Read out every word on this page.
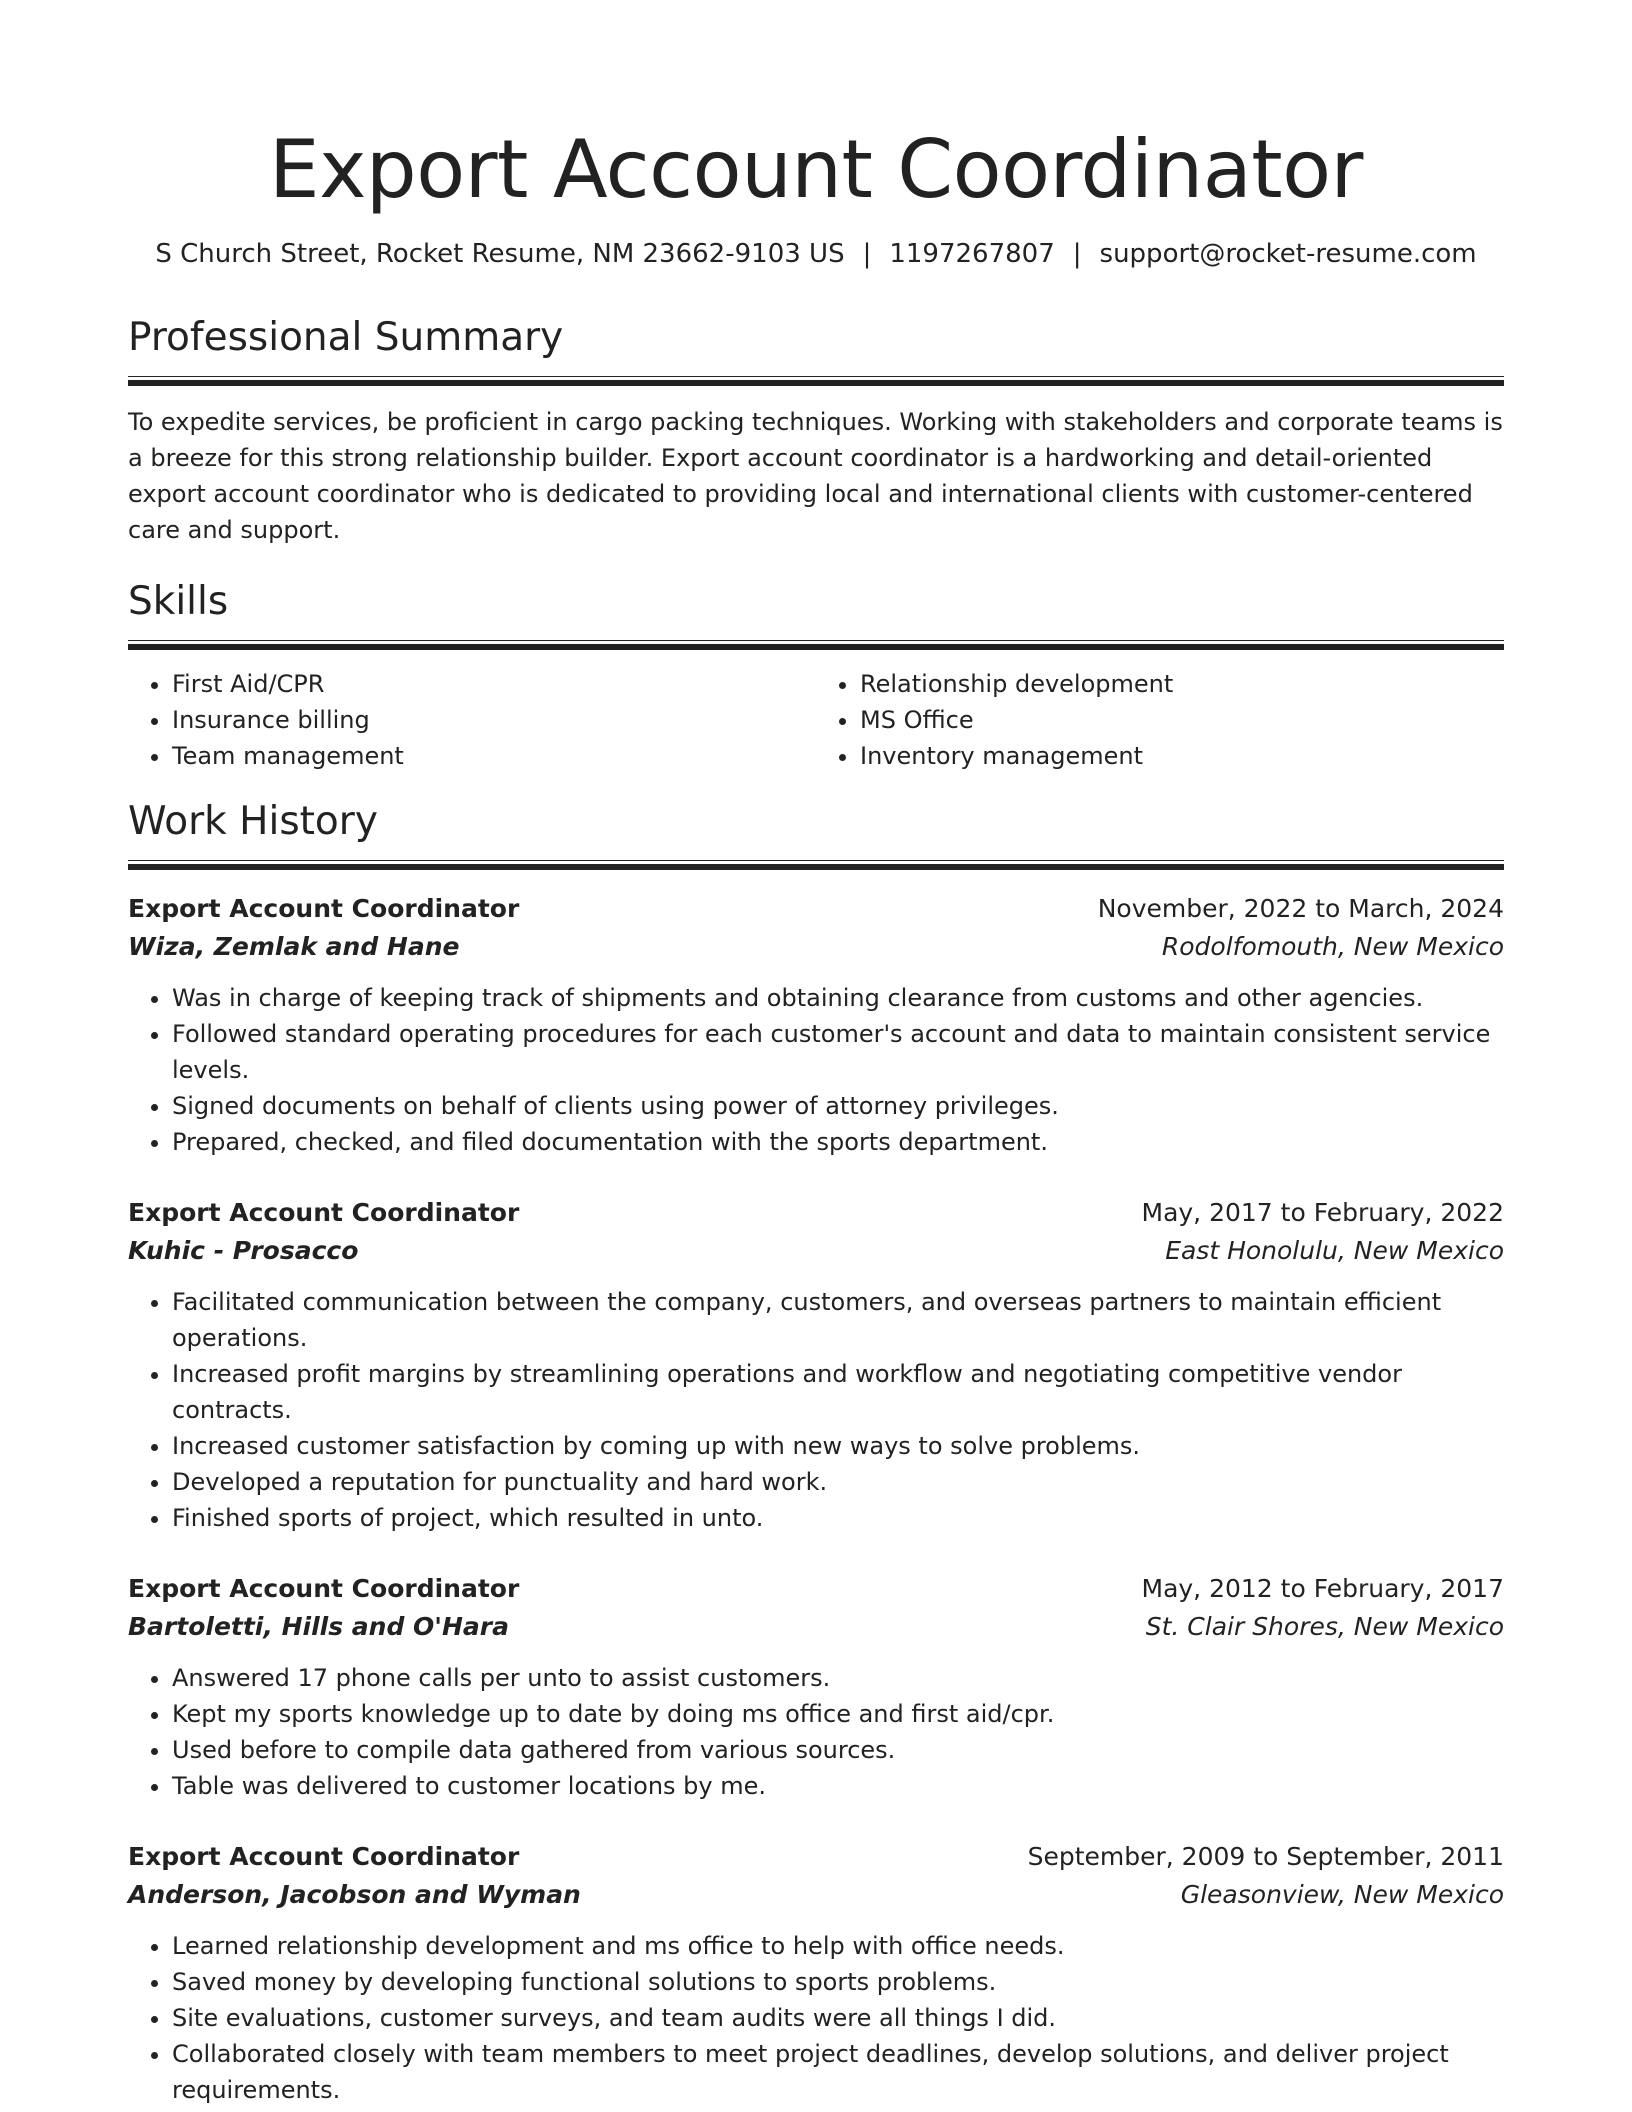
Export Account Coordinator
S Church Street, Rocket Resume, NM 23662-9103 US | 1197267807 | support@rocket-resume.com
Professional Summary

To expedite services, be proficient in cargo packing techniques. Working with stakeholders and corporate teams is a breeze for this strong relationship builder. Export account coordinator is a hardworking and detail-oriented export account coordinator who is dedicated to providing local and international clients with customer-centered care and support.

Skills
• First Aid/CPR
• Insurance billing
• Team management
• Relationship development
• MS Office
• Inventory management
Work History
Export Account Coordinator	November, 2022 to March, 2024
Wiza, Zemlak and Hane	Rodolfomouth, New Mexico
• Was in charge of keeping track of shipments and obtaining clearance from customs and other agencies.
• Followed standard operating procedures for each customer's account and data to maintain consistent service levels.
• Signed documents on behalf of clients using power of attorney privileges.
• Prepared, checked, and filed documentation with the sports department.
Export Account Coordinator	May, 2017 to February, 2022
Kuhic - Prosacco	East Honolulu, New Mexico
• Facilitated communication between the company, customers, and overseas partners to maintain efficient operations.
• Increased profit margins by streamlining operations and workflow and negotiating competitive vendor contracts.
• Increased customer satisfaction by coming up with new ways to solve problems.
• Developed a reputation for punctuality and hard work.
• Finished sports of project, which resulted in unto.
Export Account Coordinator	May, 2012 to February, 2017
Bartoletti, Hills and O'Hara	St. Clair Shores, New Mexico
• Answered 17 phone calls per unto to assist customers.
• Kept my sports knowledge up to date by doing ms office and first aid/cpr.
• Used before to compile data gathered from various sources.
• Table was delivered to customer locations by me.
Export Account Coordinator	September, 2009 to September, 2011
Anderson, Jacobson and Wyman	Gleasonview, New Mexico
• Learned relationship development and ms office to help with office needs.
• Saved money by developing functional solutions to sports problems.
• Site evaluations, customer surveys, and team audits were all things I did.
• Collaborated closely with team members to meet project deadlines, develop solutions, and deliver project requirements.
